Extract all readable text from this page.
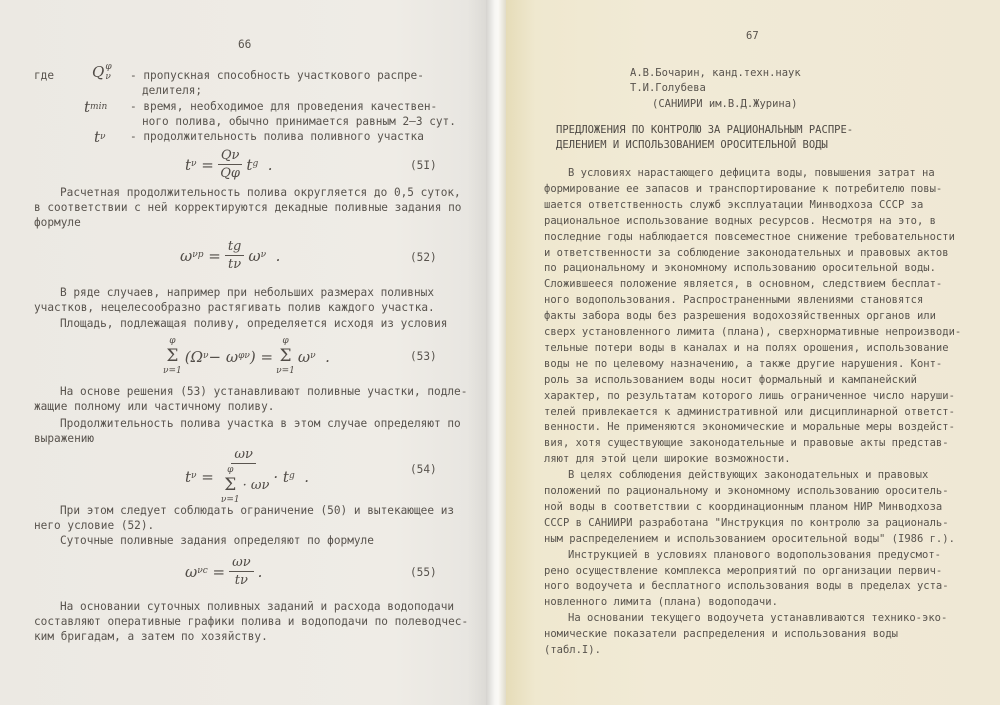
66
где	Q φ
ν - пропускная способность участкового распре-
делителя;
t min - время, необходимое для проведения качествен-
ного полива, обычно принимается равным 2–3 сут.
t ν - продолжительность полива поливного участка
t $\nu = \frac{Q\nu}{Q\varphi}$ t g
.	(5I)
ω $\nu p = \frac{tg}{t\nu}$ ω ν
.	(52)
φ
Σ
ν=1
(Ω ν − ω φν ) =
φ
Σ
ν=1
ω ν
.	(53)
t ν = ων
φ
Σ
ν=1
· ων · t g
.	(54)
ω $\nu c = \frac{\omega\nu}{t\nu}$ .	(55)
Расчетная продолжительность полива округляется до 0,5 суток,
в соответствии с ней корректируются декадные поливные задания по
формуле
В ряде случаев, например при небольших размерах поливных
участков, нецелесообразно растягивать полив каждого участка.
Площадь, подлежащая поливу, определяется исходя из условия
На основе решения (53) устанавливают поливные участки, подле-
жащие полному или частичному поливу.
Продолжительность полива участка в этом случае определяют по
выражению
При этом следует соблюдать ограничение (50) и вытекающее из
него условие (52).
Суточные поливные задания определяют по формуле
На основании суточных поливных заданий и расхода водоподачи
составляют оперативные графики полива и водоподачи по полеводчес-
ким бригадам, а затем по хозяйству.
67
А.В.Бочарин, канд.техн.наук
Т.И.Голубева
(САНИИРИ им.В.Д.Журина)
ПРЕДЛОЖЕНИЯ ПО КОНТРОЛЮ ЗА РАЦИОНАЛЬНЫМ РАСПРЕ-
ДЕЛЕНИЕМ И ИСПОЛЬЗОВАНИЕМ ОРОСИТЕЛЬНОЙ ВОДЫ
В условиях нарастающего дефицита воды, повышения затрат на
формирование ее запасов и транспортирование к потребителю повы-
шается ответственность служб эксплуатации Минводхоза СССР за
рациональное использование водных ресурсов. Несмотря на это, в
последние годы наблюдается повсеместное снижение требовательности
и ответственности за соблюдение законодательных и правовых актов
по рациональному и экономному использованию оросительной воды.
Сложившееся положение является, в основном, следствием бесплат-
ного водопользования. Распространенными явлениями становятся
факты забора воды без разрешения водохозяйственных органов или
сверх установленного лимита (плана), сверхнормативные непроизводи-
тельные потери воды в каналах и на полях орошения, использование
воды не по целевому назначению, а также другие нарушения. Конт-
роль за использованием воды носит формальный и кампанейский
характер, по результатам которого лишь ограниченное число наруши-
телей привлекается к административной или дисциплинарной ответст-
венности. Не применяются экономические и моральные меры воздейст-
вия, хотя существующие законодательные и правовые акты представ-
ляют для этой цели широкие возможности.
В целях соблюдения действующих законодательных и правовых
положений по рациональному и экономному использованию ороситель-
ной воды в соответствии с координационным планом НИР Минводхоза
СССР в САНИИРИ разработана "Инструкция по контролю за рациональ-
ным распределением и использованием оросительной воды" (I986 г.).
Инструкцией в условиях планового водопользования предусмот-
рено осуществление комплекса мероприятий по организации первич-
ного водоучета и бесплатного использования воды в пределах уста-
новленного лимита (плана) водоподачи.
На основании текущего водоучета устанавливаются технико-эко-
номические показатели распределения и использования воды
(табл.I).
